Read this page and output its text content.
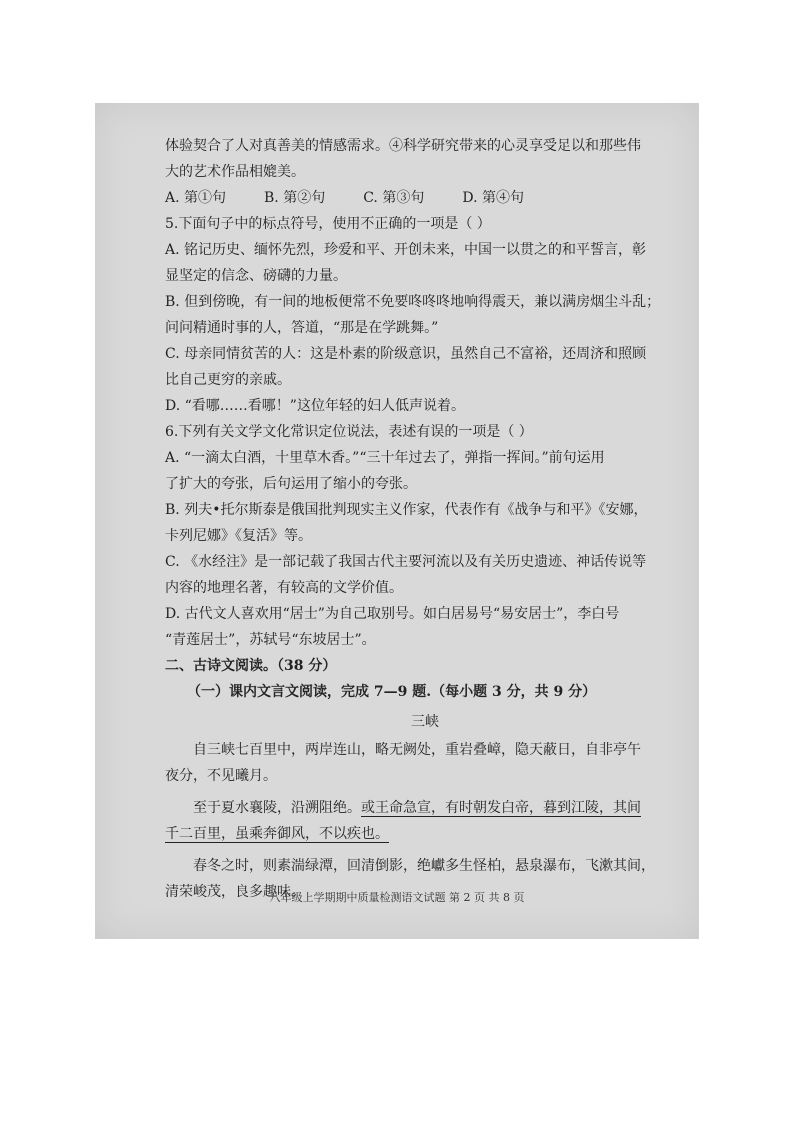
体验契合了人对真善美的情感需求。④科学研究带来的心灵享受足以和那些伟
大的艺术作品相媲美。
A. 第①句	B. 第②句	C. 第③句	D. 第④句
5.下面句子中的标点符号，使用不正确的一项是（ ）
A. 铭记历史、缅怀先烈，珍爱和平、开创未来，中国一以贯之的和平誓言，彰
显坚定的信念、磅礴的力量。
B. 但到傍晚，有一间的地板便常不免要咚咚咚地响得震天，兼以满房烟尘斗乱；
问问精通时事的人，答道，“那是在学跳舞。”
C. 母亲同情贫苦的人：这是朴素的阶级意识，虽然自己不富裕，还周济和照顾
比自己更穷的亲戚。
D. “看哪……看哪！”这位年轻的妇人低声说着。
6.下列有关文学文化常识定位说法，表述有误的一项是（ ）
A. “一滴太白酒，十里草木香。”“三十年过去了，弹指一挥间。”前句运用
了扩大的夸张，后句运用了缩小的夸张。
B. 列夫•托尔斯泰是俄国批判现实主义作家，代表作有《战争与和平》《安娜，
卡列尼娜》《复活》等。
C. 《水经注》是一部记载了我国古代主要河流以及有关历史遗迹、神话传说等
内容的地理名著，有较高的文学价值。
D. 古代文人喜欢用“居士”为自己取别号。如白居易号“易安居士”，李白号
“青莲居士”，苏轼号“东坡居士”。
二、古诗文阅读。（38 分）
（一）课内文言文阅读，完成 7—9 题.（每小题 3 分，共 9 分）
三峡
自三峡七百里中，两岸连山，略无阙处，重岩叠嶂，隐天蔽日，自非亭午
夜分，不见曦月。
至于夏水襄陵，沿溯阻绝。或王命急宣，有时朝发白帝，暮到江陵，其间
千二百里，虽乘奔御风，不以疾也。
春冬之时，则素湍绿潭，回清倒影，绝巘多生怪柏，悬泉瀑布，飞漱其间，
清荣峻茂，良多趣味。
八年级上学期期中质量检测语文试题 第 2 页 共 8 页
